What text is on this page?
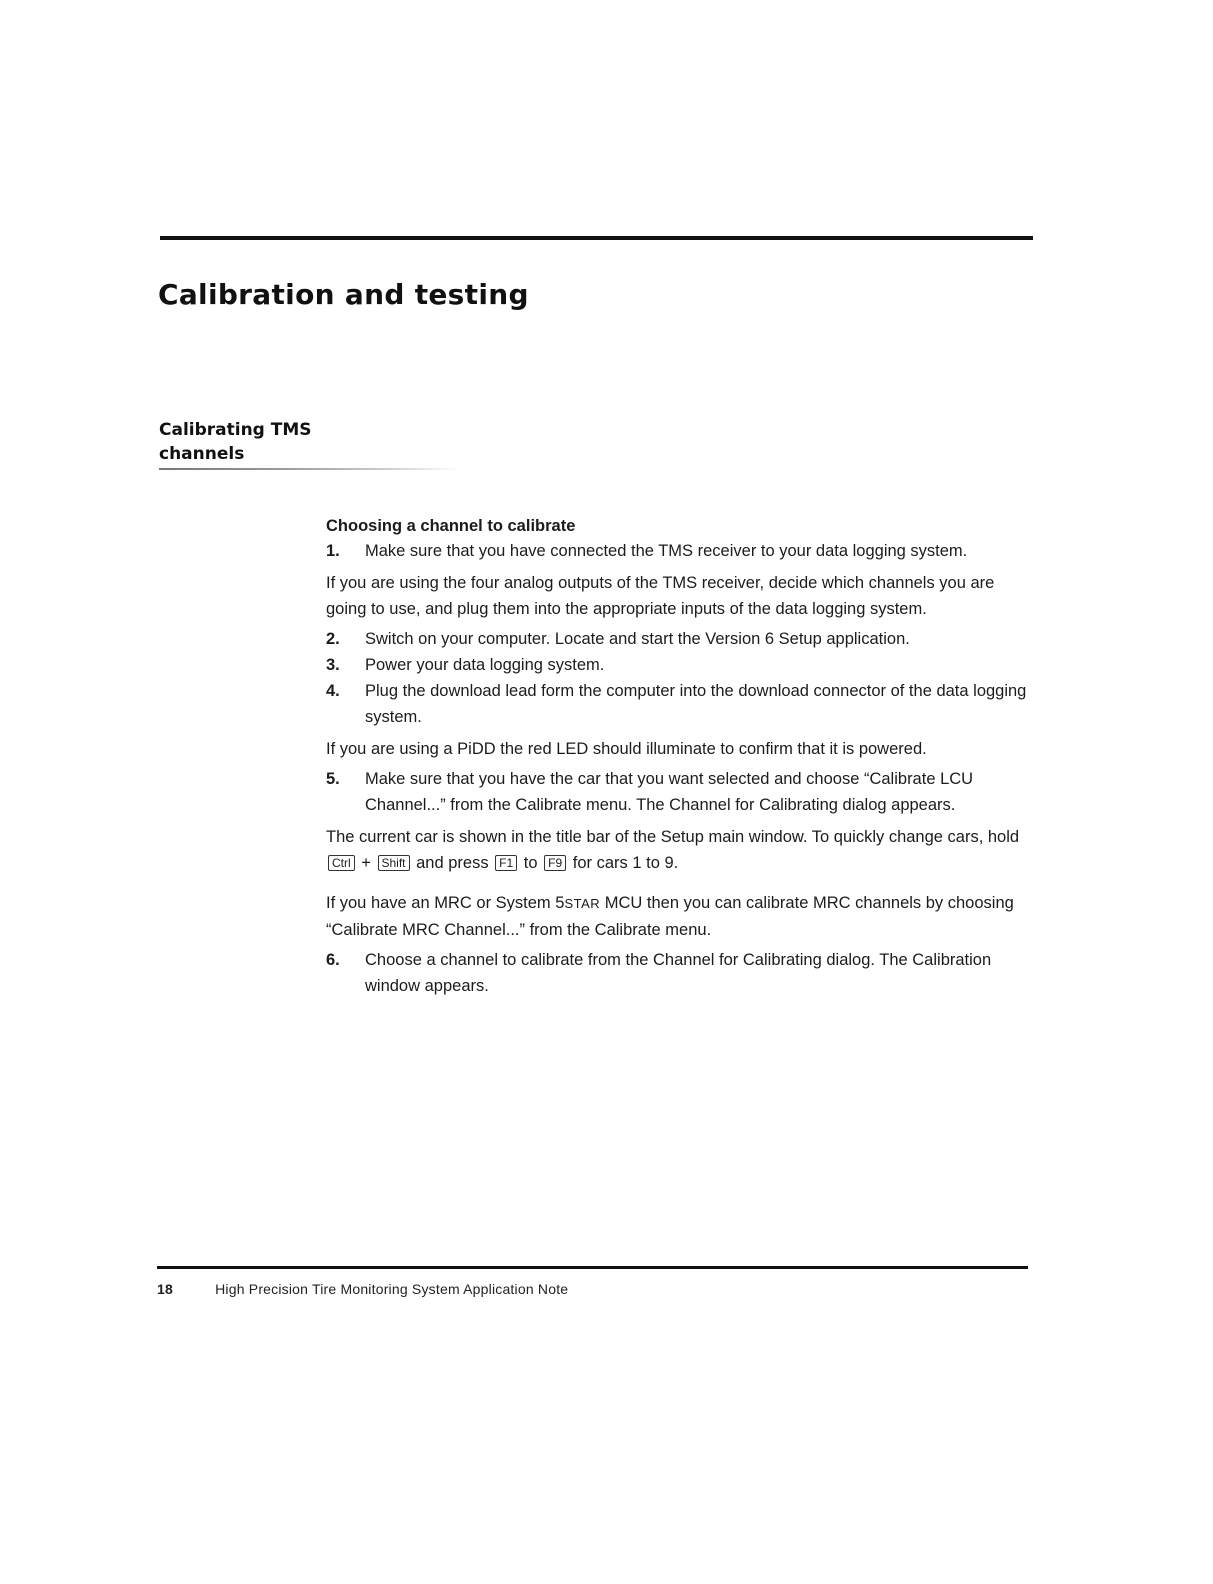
Calibration and testing
Calibrating TMS channels

Choosing a channel to calibrate

1. Make sure that you have connected the TMS receiver to your data logging system.

If you are using the four analog outputs of the TMS receiver, decide which channels you are going to use, and plug them into the appropriate inputs of the data logging system.

2. Switch on your computer. Locate and start the Version 6 Setup application.

3. Power your data logging system.

4. Plug the download lead form the computer into the download connector of the data logging system.

If you are using a PiDD the red LED should illuminate to confirm that it is powered.

5. Make sure that you have the car that you want selected and choose “Calibrate LCU Channel...” from the Calibrate menu. The Channel for Calibrating dialog appears.

The current car is shown in the title bar of the Setup main window. To quickly change cars, hold Ctrl + Shift and press F1 to F9 for cars 1 to 9.

If you have an MRC or System 5STAR MCU then you can calibrate MRC channels by choosing “Calibrate MRC Channel...” from the Calibrate menu.

6. Choose a channel to calibrate from the Channel for Calibrating dialog. The Calibration window appears.

18	High Precision Tire Monitoring System Application Note
